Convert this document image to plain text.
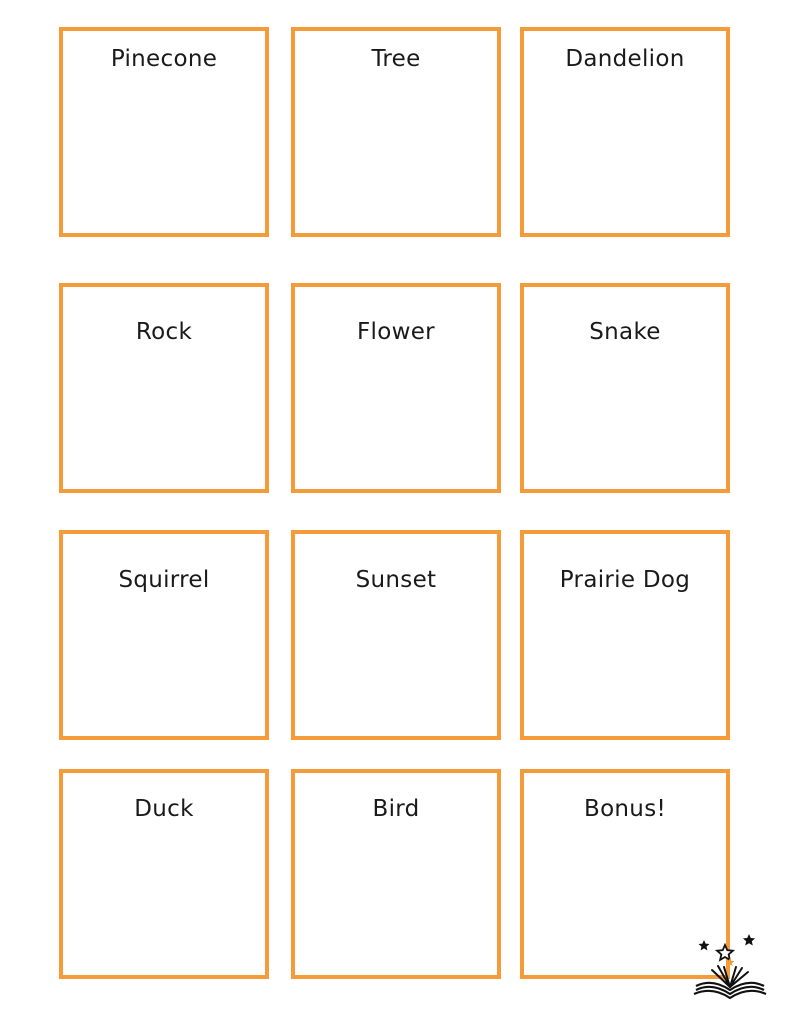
Pinecone	Tree	Dandelion
Rock	Flower	Snake
Squirrel	Sunset	Prairie Dog
Duck	Bird	Bonus!
